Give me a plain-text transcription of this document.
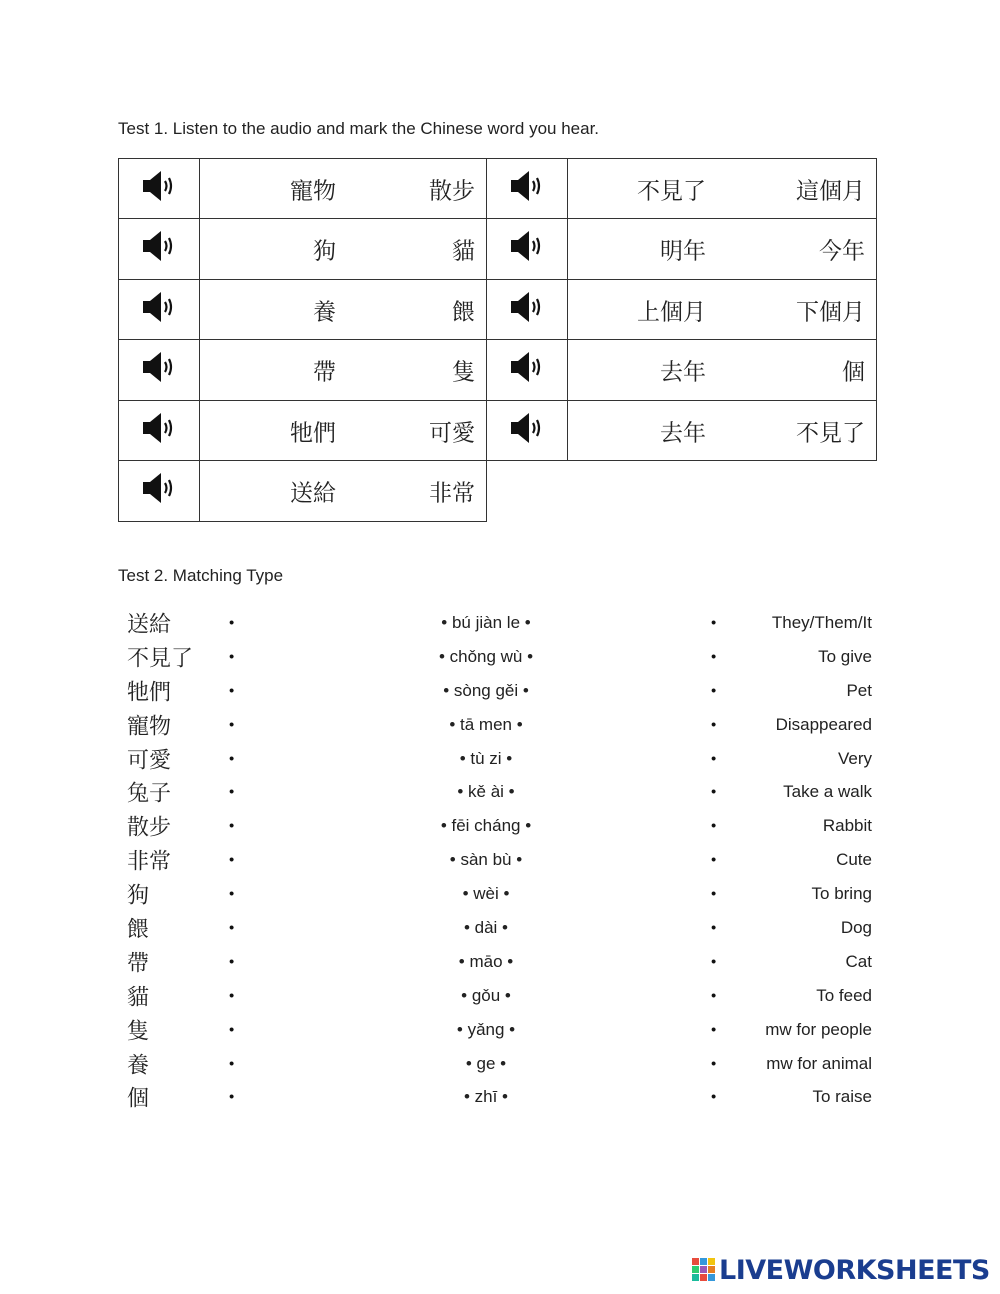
Test 1. Listen to the audio and mark the Chinese word you hear.

寵物 散步

狗 貓

養 餵

帶 隻

牠們 可愛

送給 非常

不見了 這個月

明年 今年

上個月 下個月

去年 個

去年 不見了
Test 2. Matching Type
送給	•	• bú jiàn le •	•	They/Them/It
不見了 •	• chǒng wù •	•	To give
牠們	•	• sòng gěi •	•	Pet
寵物	•	• tā men •	•	Disappeared
可愛	•	• tù zi •	•	Very
兔子	•	• kě ài •	•	Take a walk
散步	•	• fēi cháng •	•	Rabbit
非常	•	• sàn bù •	•	Cute
狗	•	• wèi •	•	To bring
餵	•	• dài •	•	Dog
帶	•	• māo •	•	Cat
貓	•	• gǒu •	•	To feed
隻	•	• yǎng •	•	mw for people
養	•	• ge •	•	mw for animal
個	•	• zhī •	•	To raise
LIVEWORKSHEETS
